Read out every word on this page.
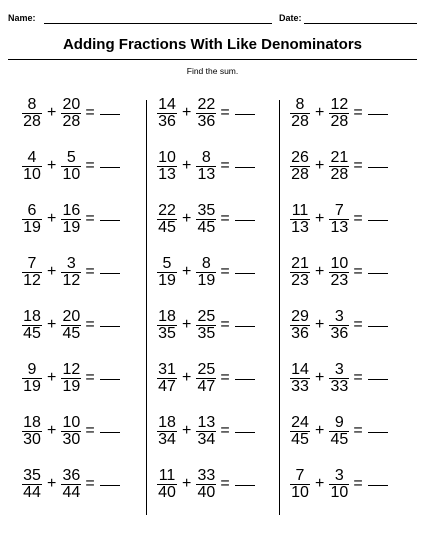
Name:	Date:
Adding Fractions With Like Denominators
Find the sum.
$\frac{8}{28} + \frac{20}{28}$ =
$\frac{4}{10} + \frac{5}{10}$ =
$\frac{6}{19} + \frac{16}{19}$ =
$\frac{7}{12} + \frac{3}{12}$ =
$\frac{18}{45} + \frac{20}{45}$ =
$\frac{9}{19} + \frac{12}{19}$ =
$\frac{18}{30} + \frac{10}{30}$ =
$\frac{35}{44} + \frac{36}{44}$ =
$\frac{14}{36} + \frac{22}{36}$ =
$\frac{10}{13} + \frac{8}{13}$ =
$\frac{22}{45} + \frac{35}{45}$ =
$\frac{5}{19} + \frac{8}{19}$ =
$\frac{18}{35} + \frac{25}{35}$ =
$\frac{31}{47} + \frac{25}{47}$ =
$\frac{18}{34} + \frac{13}{34}$ =
$\frac{11}{40} + \frac{33}{40}$ =
$\frac{8}{28} + \frac{12}{28}$ =
$\frac{26}{28} + \frac{21}{28}$ =
$\frac{11}{13} + \frac{7}{13}$ =
$\frac{21}{23} + \frac{10}{23}$ =
$\frac{29}{36} + \frac{3}{36}$ =
$\frac{14}{33} + \frac{3}{33}$ =
$\frac{24}{45} + \frac{9}{45}$ =
$\frac{7}{10} + \frac{3}{10}$ =
